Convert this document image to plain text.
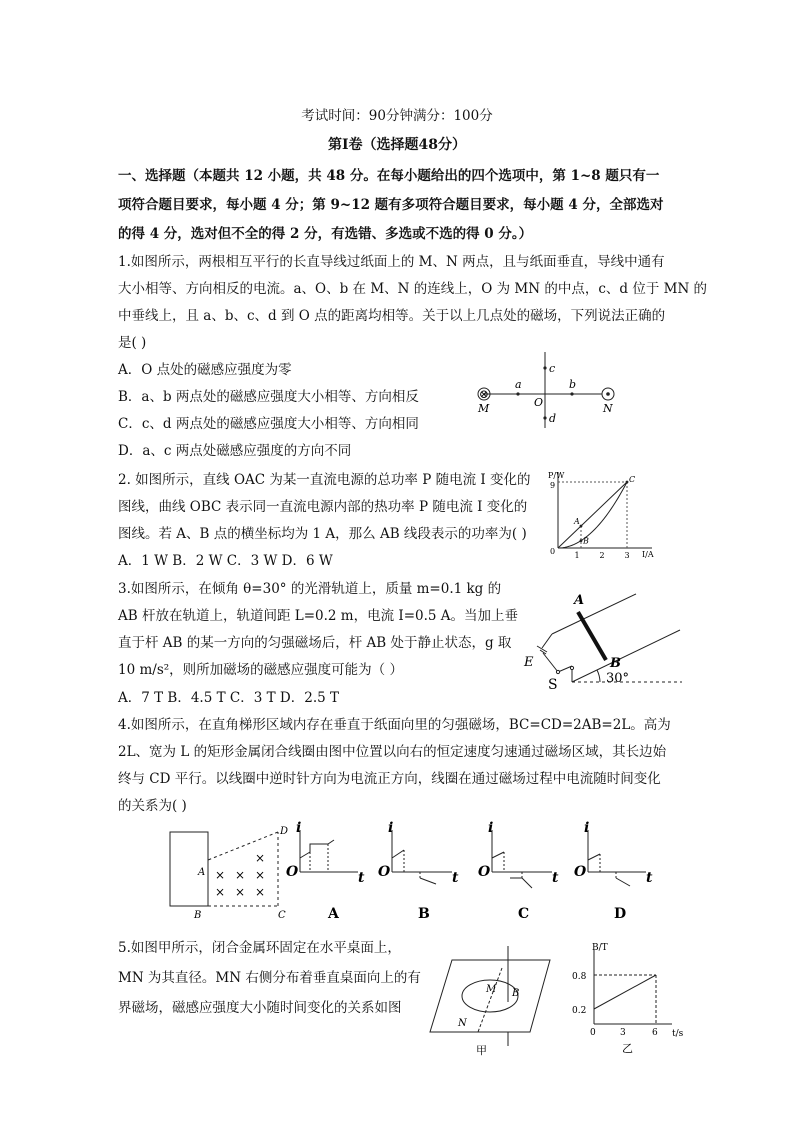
考试时间：90分钟满分：100分
第Ⅰ卷（选择题48分）
一、选择题（本题共 12 小题，共 48 分。在每小题给出的四个选项中，第 1~8 题只有一
项符合题目要求，每小题 4 分；第 9~12 题有多项符合题目要求，每小题 4 分，全部选对
的得 4 分，选对但不全的得 2 分，有选错、多选或不选的得 0 分。）
1.如图所示，两根相互平行的长直导线过纸面上的 M、N 两点，且与纸面垂直，导线中通有
大小相等、方向相反的电流。a、O、b 在 M、N 的连线上，O 为 MN 的中点，c、d 位于 MN 的
中垂线上，且 a、b、c、d 到 O 点的距离均相等。关于以上几点处的磁场，下列说法正确的
是( )
A．O 点处的磁感应强度为零
B．a、b 两点处的磁感应强度大小相等、方向相反
C．c、d 两点处的磁感应强度大小相等、方向相同
D．a、c 两点处磁感应强度的方向不同
⊗
M	N
a	b
c
d
O
2. 如图所示，直线 OAC 为某一直流电源的总功率 P 随电流 I 变化的
图线，曲线 OBC 表示同一直流电源内部的热功率 P 随电流 I 变化的
图线。若 A、B 点的横坐标均为 1 A，那么 AB 线段表示的功率为( )
A．1 W B．2 W C．3 W D．6 W
P/W
I/A
0
9
1 2 3
A
B
C
3.如图所示，在倾角 θ=30° 的光滑轨道上，质量 m=0.1 kg 的
AB 杆放在轨道上，轨道间距 L=0.2 m，电流 I=0.5 A。当加上垂
直于杆 AB 的某一方向的匀强磁场后，杆 AB 处于静止状态，g 取
10 m/s²，则所加磁场的磁感应强度可能为（ ）
A．7 T B．4.5 T C．3 T D．2.5 T
A
B
E
S	30°
4.如图所示，在直角梯形区域内存在垂直于纸面向里的匀强磁场，BC=CD=2AB=2L。高为
2L、宽为 L 的矩形金属闭合线圈由图中位置以向右的恒定速度匀速通过磁场区域，其长边始
终与 CD 平行。以线圈中逆时针方向为电流正方向，线圈在通过磁场过程中电流随时间变化
的关系为( )
A
B	C
D
×
× × ×
× × ×
i
t
O
A
i
t
O
B
i
t
O
C
i
t
O
D
5.如图甲所示，闭合金属环固定在水平桌面上，
MN 为其直径。MN 右侧分布着垂直桌面向上的有
界磁场，磁感应强度大小随时间变化的关系如图
M
N
B
甲
B/T
t/s
0.8
0.2
0	3	6
乙
